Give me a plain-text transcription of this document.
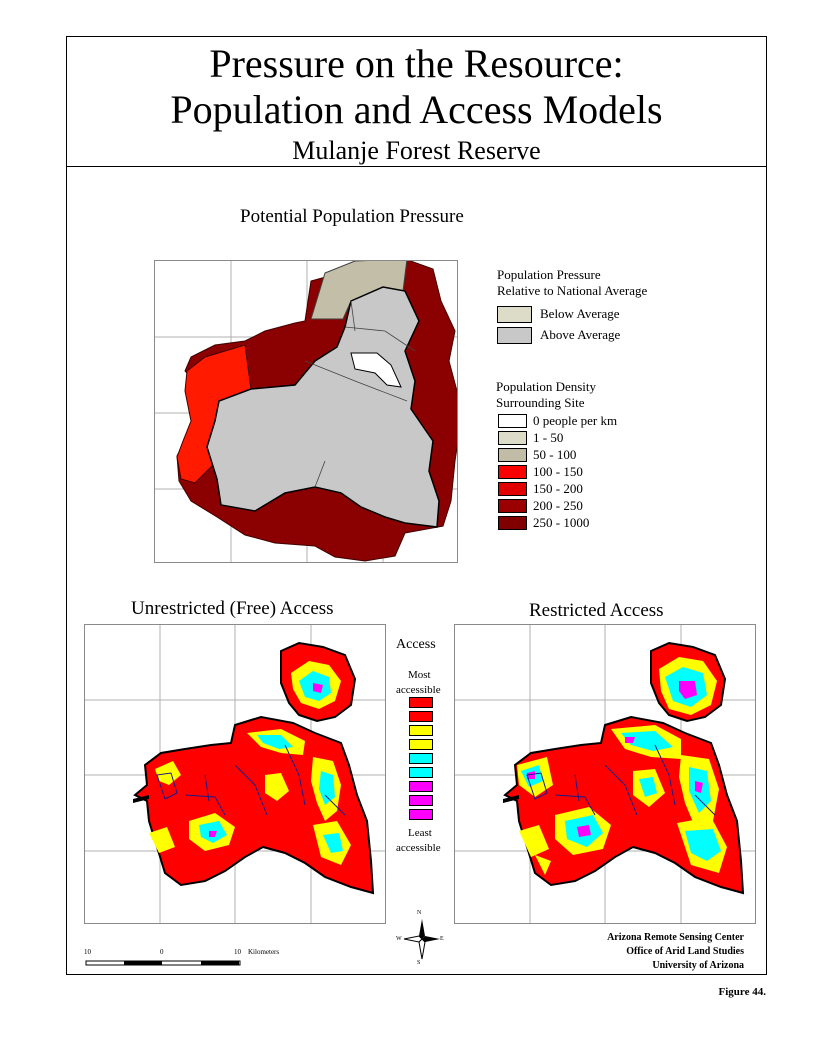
Pressure on the Resource:
Population and Access Models
Mulanje Forest Reserve
Potential Population Pressure
Population Pressure
Relative to National Average
Below Average
Above Average
Population Density
Surrounding Site
0 people per km
1 - 50
50 - 100
100 - 150
150 - 200
200 - 250
250 - 1000
Unrestricted (Free) Access	Restricted Access
Access
Most
accessible
Least
accessible
10	0	10 Kilometers
N
S
E
W	Arizona Remote Sensing Center
Office of Arid Land Studies
University of Arizona
Figure 44.
